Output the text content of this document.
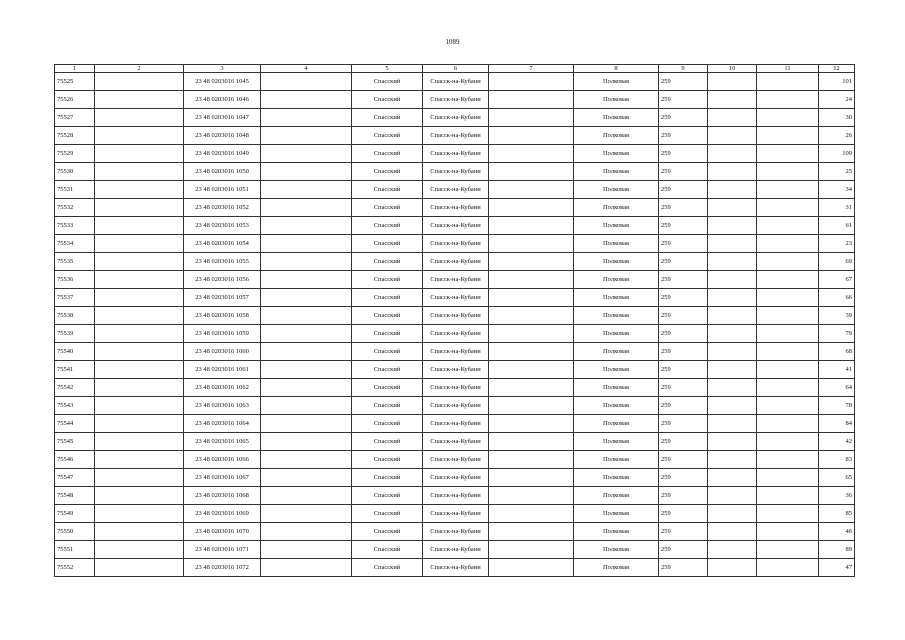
1089
1	2	3	4	5	6	7	8	9	10	11	12
75525		23 48 0203016 1045		Спасский	Спасск-на-Кубани		Полковая	259			101
75526		23 48 0203016 1046		Спасский	Спасск-на-Кубани		Полковая	259			24
75527		23 48 0203016 1047		Спасский	Спасск-на-Кубани		Полковая	259			30
75528		23 48 0203016 1048		Спасский	Спасск-на-Кубани		Полковая	259			26
75529		23 48 0203016 1049		Спасский	Спасск-на-Кубани		Полковая	259			109
75530		23 48 0203016 1050		Спасский	Спасск-на-Кубани		Полковая	259			25
75531		23 48 0203016 1051		Спасский	Спасск-на-Кубани		Полковая	259			34
75532		23 48 0203016 1052		Спасский	Спасск-на-Кубани		Полковая	259			31
75533		23 48 0203016 1053		Спасский	Спасск-на-Кубани		Полковая	259			61
75534		23 48 0203016 1054		Спасский	Спасск-на-Кубани		Полковая	259			23
75535		23 48 0203016 1055		Спасский	Спасск-на-Кубани		Полковая	259			69
75536		23 48 0203016 1056		Спасский	Спасск-на-Кубани		Полковая	259			67
75537		23 48 0203016 1057		Спасский	Спасск-на-Кубани		Полковая	259			66
75538		23 48 0203016 1058		Спасский	Спасск-на-Кубани		Полковая	259			39
75539		23 48 0203016 1059		Спасский	Спасск-на-Кубани		Полковая	259			79
75540		23 48 0203016 1060		Спасский	Спасск-на-Кубани		Полковая	259			68
75541		23 48 0203016 1061		Спасский	Спасск-на-Кубани		Полковая	259			41
75542		23 48 0203016 1062		Спасский	Спасск-на-Кубани		Полковая	259			64
75543		23 48 0203016 1063		Спасский	Спасск-на-Кубани		Полковая	259			78
75544		23 48 0203016 1064		Спасский	Спасск-на-Кубани		Полковая	259			84
75545		23 48 0203016 1065		Спасский	Спасск-на-Кубани		Полковая	259			42
75546		23 48 0203016 1066		Спасский	Спасск-на-Кубани		Полковая	259			83
75547		23 48 0203016 1067		Спасский	Спасск-на-Кубани		Полковая	259			65
75548		23 48 0203016 1068		Спасский	Спасск-на-Кубани		Полковая	259			36
75549		23 48 0203016 1069		Спасский	Спасск-на-Кубани		Полковая	259			85
75550		23 48 0203016 1070		Спасский	Спасск-на-Кубани		Полковая	259			46
75551		23 48 0203016 1071		Спасский	Спасск-на-Кубани		Полковая	259			89
75552		23 48 0203016 1072		Спасский	Спасск-на-Кубани		Полковая	259			47
